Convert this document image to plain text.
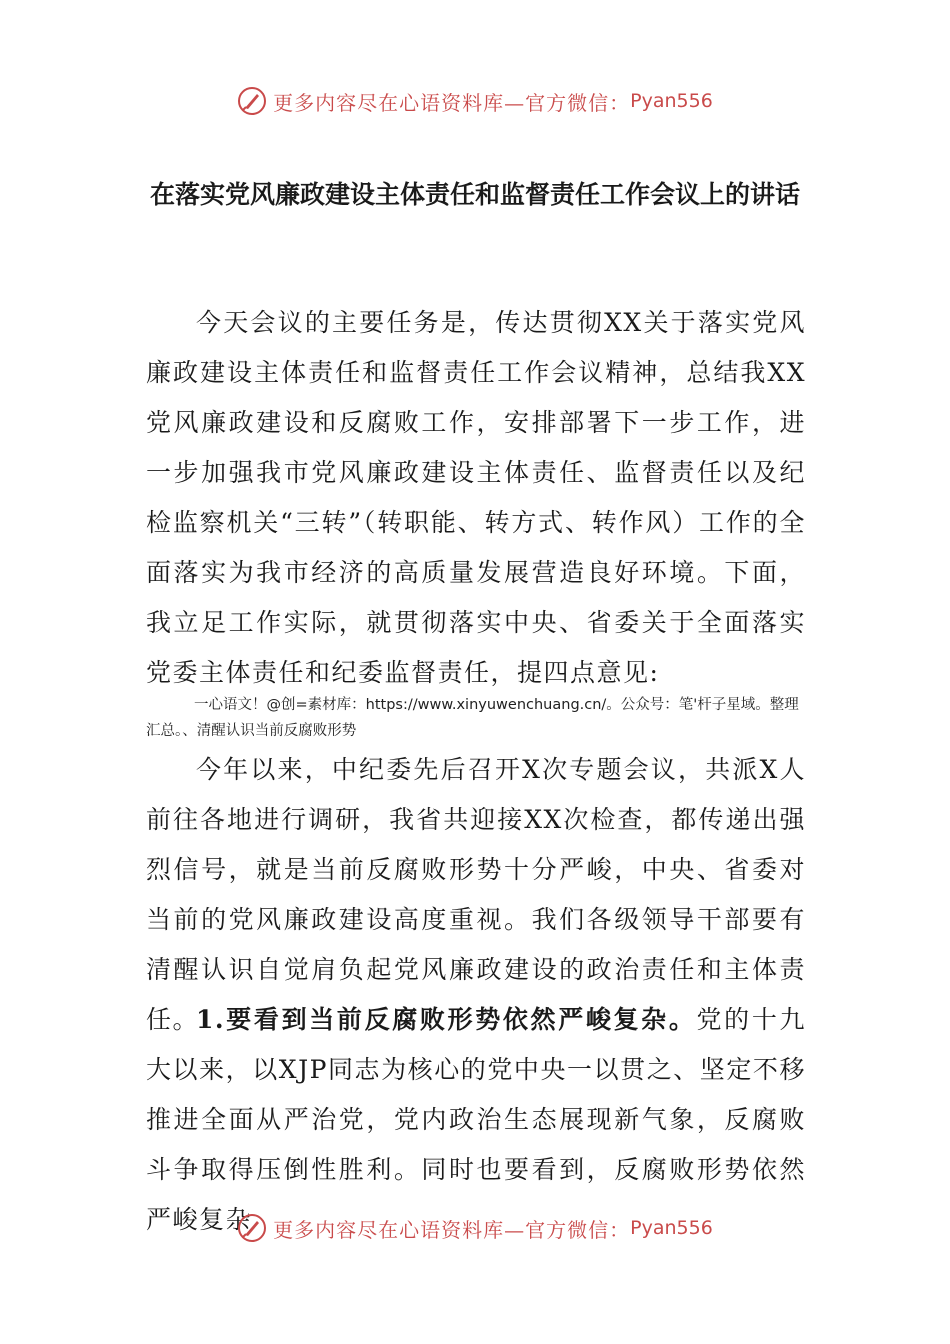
更多内容尽在心语资料库—官方微信： Pyan556
在落实党风廉政建设主体责任和监督责任工作会议上的讲话

今天会议的主要任务是，传达贯彻XX关于落实党风廉政建设主体责任和监督责任工作会议精神，总结我XX党风廉政建设和反腐败工作，安排部署下一步工作，进一步加强我市党风廉政建设主体责任、监督责任以及纪检监察机关“三转”（转职能、转方式、转作风）工作的全面落实为我市经济的高质量发展营造良好环境。下面，我立足工作实际，就贯彻落实中央、省委关于全面落实党委主体责任和纪委监督责任，提四点意见:

一心语文！@创=素材库：https://www.xinyuwenchuang.cn/。公众号：笔'杆子星域。整理汇总。、清醒认识当前反腐败形势

今年以来，中纪委先后召开X次专题会议，共派X人前往各地进行调研，我省共迎接XX次检查，都传递出强烈信号，就是当前反腐败形势十分严峻，中央、省委对当前的党风廉政建设高度重视。我们各级领导干部要有清醒认识自觉肩负起党风廉政建设的政治责任和主体责任。

1.要看到当前反腐败形势依然严峻复杂。党的十九大以来，以XJP同志为核心的党中央一以贯之、坚定不移推进全面从严治党，党内政治生态展现新气象，反腐败斗争取得压倒性胜利。同时也要看到，反腐败形势依然严峻复杂	更多内容尽在心语资料库—官方微信： Pyan556
